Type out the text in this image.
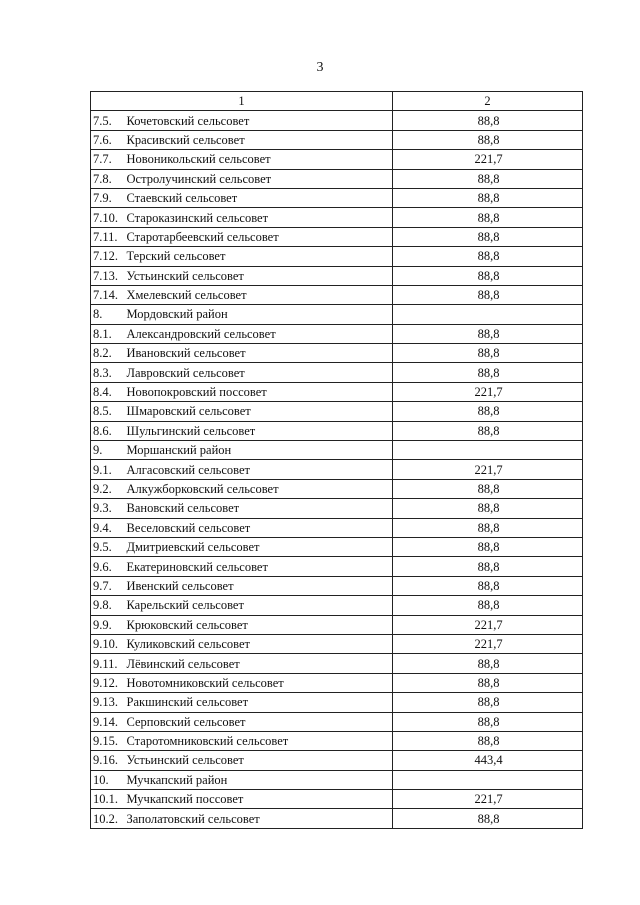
3
1		2
7.5.	Кочетовский сельсовет	88,8
7.6.	Красивский сельсовет	88,8
7.7.	Новоникольский сельсовет	221,7
7.8.	Остролучинский сельсовет	88,8
7.9.	Стаевский сельсовет	88,8
7.10.	Староказинский сельсовет	88,8
7.11.	Старотарбеевский сельсовет	88,8
7.12.	Терский сельсовет	88,8
7.13.	Устьинский сельсовет	88,8
7.14.	Хмелевский сельсовет	88,8
8.	Мордовский район	
8.1.	Александровский сельсовет	88,8
8.2.	Ивановский сельсовет	88,8
8.3.	Лавровский сельсовет	88,8
8.4.	Новопокровский поссовет	221,7
8.5.	Шмаровский сельсовет	88,8
8.6.	Шульгинский сельсовет	88,8
9.	Моршанский район	
9.1.	Алгасовский сельсовет	221,7
9.2.	Алкужборковский сельсовет	88,8
9.3.	Вановский сельсовет	88,8
9.4.	Веселовский сельсовет	88,8
9.5.	Дмитриевский сельсовет	88,8
9.6.	Екатериновский сельсовет	88,8
9.7.	Ивенский сельсовет	88,8
9.8.	Карельский сельсовет	88,8
9.9.	Крюковский сельсовет	221,7
9.10.	Куликовский сельсовет	221,7
9.11.	Лёвинский сельсовет	88,8
9.12.	Новотомниковский сельсовет	88,8
9.13.	Ракшинский сельсовет	88,8
9.14.	Серповский сельсовет	88,8
9.15.	Старотомниковский сельсовет	88,8
9.16.	Устьинский сельсовет	443,4
10.	Мучкапский район	
10.1.	Мучкапский поссовет	221,7
10.2.	Заполатовский сельсовет	88,8
